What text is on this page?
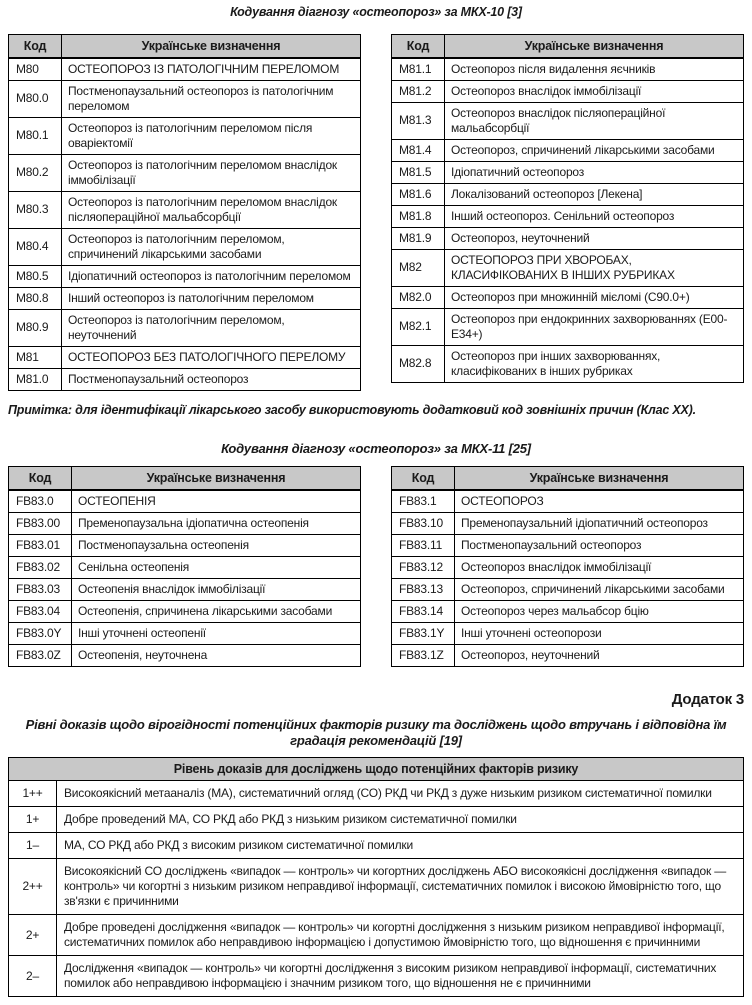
Кодування діагнозу «остеопороз» за МКХ-10 [3]
Код	Українське визначення
М80	ОСТЕОПОРОЗ ІЗ ПАТОЛОГІЧНИМ ПЕРЕЛОМОМ
М80.0	Постменопаузальний остеопороз із патологічним переломом
М80.1	Остеопороз із патологічним переломом після оваріектомії
М80.2	Остеопороз із патологічним переломом внаслідок іммобілізації
М80.3	Остеопороз із патологічним переломом внаслідок післяопераційної мальабсорбції
М80.4	Остеопороз із патологічним переломом, спричинений лікарськими засобами
М80.5	Ідіопатичний остеопороз із патологічним переломом
М80.8	Інший остеопороз із патологічним переломом
М80.9	Остеопороз із патологічним переломом, неуточнений
М81	ОСТЕОПОРОЗ БЕЗ ПАТОЛОГІЧНОГО ПЕРЕЛОМУ
М81.0	Постменопаузальний остеопороз
Код	Українське визначення
М81.1	Остеопороз після видалення яєчників
М81.2	Остеопороз внаслідок іммобілізації
М81.3	Остеопороз внаслідок післяопераційної мальабсорбції
М81.4	Остеопороз, спричинений лікарськими засобами
М81.5	Ідіопатичний остеопороз
М81.6	Локалізований остеопороз [Лекена]
М81.8	Інший остеопороз. Сенільний остеопороз
М81.9	Остеопороз, неуточнений
М82	ОСТЕОПОРОЗ ПРИ ХВОРОБАХ, КЛАСИФІКОВАНИХ В ІНШИХ РУБРИКАХ
М82.0	Остеопороз при множинній мієломі (С90.0+)
М82.1	Остеопороз при ендокринних захворюваннях (Е00-Е34+)
М82.8	Остеопороз при інших захворюваннях, класифікованих в інших рубриках
Примітка: для ідентифікації лікарського засобу використовують додатковий код зовнішніх причин (Клас ХХ).
Кодування діагнозу «остеопороз» за МКХ-11 [25]
Код	Українське визначення
FB83.0	ОСТЕОПЕНІЯ
FB83.00	Пременопаузальна ідіопатична остеопенія
FB83.01	Постменопаузальна остеопенія
FB83.02	Сенільна остеопенія
FB83.03	Остеопенія внаслідок іммобілізації
FB83.04	Остеопенія, спричинена лікарськими засобами
FB83.0Y	Інші уточнені остеопенії
FB83.0Z	Остеопенія, неуточнена
Код	Українське визначення
FB83.1	ОСТЕОПОРОЗ
FB83.10	Пременопаузальний ідіопатичний остеопороз
FB83.11	Постменопаузальний остеопороз
FB83.12	Остеопороз внаслідок іммобілізації
FB83.13	Остеопороз, спричинений лікарськими засобами
FB83.14	Остеопороз через мальабсор бцію
FB83.1Y	Інші уточнені остеопорози
FB83.1Z	Остеопороз, неуточнений
Додаток 3
Рівні доказів щодо вірогідності потенційних факторів ризику та досліджень щодо втручань і відповідна їм градація рекомендацій [19]
Рівень доказів для досліджень щодо потенційних факторів ризику	
1++	Високоякісний метааналіз (МА), систематичний огляд (СО) РКД чи РКД з дуже низьким ризиком систематичної помилки
1+	Добре проведений МА, СО РКД або РКД з низьким ризиком систематичної помилки
1–	МА, СО РКД або РКД з високим ризиком систематичної помилки
2++	Високоякісний СО досліджень «випадок — контроль» чи когортних досліджень АБО високоякісні дослідження «випадок — контроль» чи когортні з низьким ризиком неправдивої інформації, систематичних помилок і високою ймовірністю того, що зв'язки є причинними
2+	Добре проведені дослідження «випадок — контроль» чи когортні дослідження з низьким ризиком неправдивої інформації, систематичних помилок або неправдивою інформацією і допустимою ймовірністю того, що відношення є причинними
2–	Дослідження «випадок — контроль» чи когортні дослідження з високим ризиком неправдивої інформації, систематичних помилок або неправдивою інформацією і значним ризиком того, що відношення не є причинними
